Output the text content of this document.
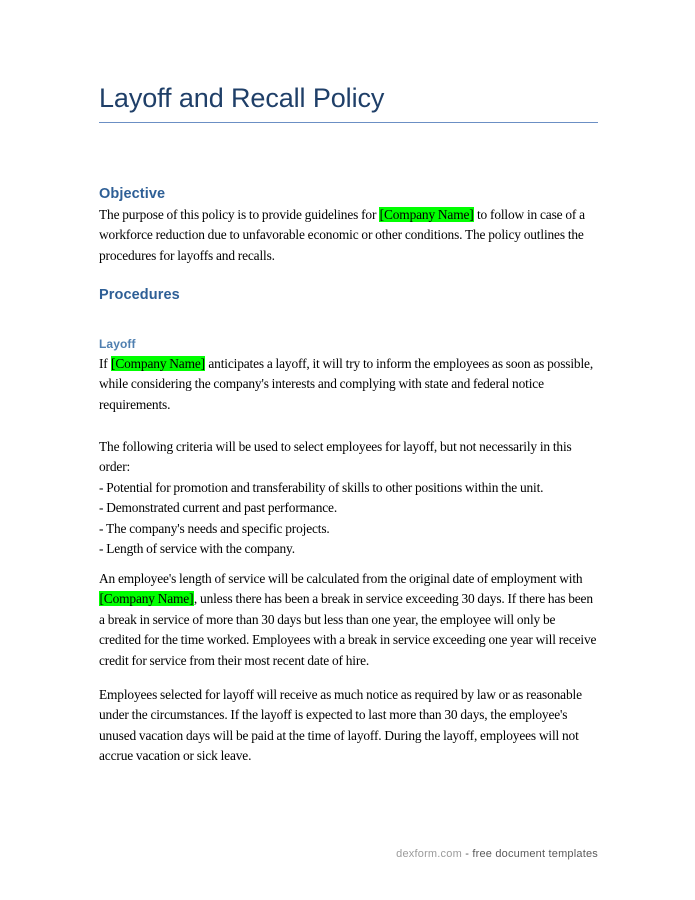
Layoff and Recall Policy
Objective

The purpose of this policy is to provide guidelines for [Company Name] to follow in case of a workforce reduction due to unfavorable economic or other conditions. The policy outlines the procedures for layoffs and recalls.

Procedures
Layoff

If [Company Name] anticipates a layoff, it will try to inform the employees as soon as possible, while considering the company's interests and complying with state and federal notice requirements.

The following criteria will be used to select employees for layoff, but not necessarily in this order:

- Potential for promotion and transferability of skills to other positions within the unit.

- Demonstrated current and past performance.

- The company's needs and specific projects.

- Length of service with the company.

An employee's length of service will be calculated from the original date of employment with [Company Name], unless there has been a break in service exceeding 30 days. If there has been a break in service of more than 30 days but less than one year, the employee will only be credited for the time worked. Employees with a break in service exceeding one year will receive credit for service from their most recent date of hire.

Employees selected for layoff will receive as much notice as required by law or as reasonable under the circumstances. If the layoff is expected to last more than 30 days, the employee's unused vacation days will be paid at the time of layoff. During the layoff, employees will not accrue vacation or sick leave.

dexform.com - free document templates
